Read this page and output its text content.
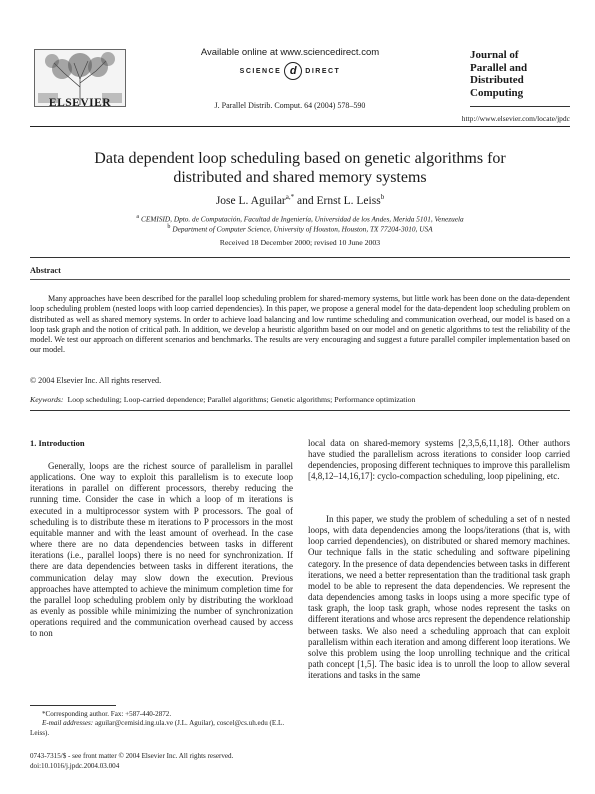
ELSEVIER
Available online at www.sciencedirect.com
SCIENCE d DIRECT
J. Parallel Distrib. Comput. 64 (2004) 578–590
Journal of
Parallel and
Distributed
Computing
http://www.elsevier.com/locate/jpdc
Data dependent loop scheduling based on genetic algorithms for
distributed and shared memory systems
Jose L. Aguilar$^{a,*}$ and Ernst L. Leiss$^b$
$^a$ CEMISID, Dpto. de Computación, Facultad de Ingeniería, Universidad de los Andes, Merida 5101, Venezuela
$^b$ Department of Computer Science, University of Houston, Houston, TX 77204-3010, USA
Received 18 December 2000; revised 10 June 2003
Abstract

Many approaches have been described for the parallel loop scheduling problem for shared-memory systems, but little work has been done on the data-dependent loop scheduling problem (nested loops with loop carried dependencies). In this paper, we propose a general model for the data-dependent loop scheduling problem on distributed as well as shared memory systems. In order to achieve load balancing and low runtime scheduling and communication overhead, our model is based on a loop task graph and the notion of critical path. In addition, we develop a heuristic algorithm based on our model and on genetic algorithms to test the reliability of the model. We test our approach on different scenarios and benchmarks. The results are very encouraging and suggest a future parallel compiler implementation based on our model.

© 2004 Elsevier Inc. All rights reserved.
Keywords: Loop scheduling; Loop-carried dependence; Parallel algorithms; Genetic algorithms; Performance optimization
1. Introduction

Generally, loops are the richest source of parallelism in parallel applications. One way to exploit this parallelism is to execute loop iterations in parallel on different processors, thereby reducing the running time. Consider the case in which a loop of m iterations is executed in a multiprocessor system with P processors. The goal of scheduling is to distribute these m iterations to P processors in the most equitable manner and with the least amount of overhead. In the case where there are no data dependencies between tasks in different iterations (i.e., parallel loops) there is no need for synchronization. If there are data dependencies between tasks in different iterations, the communication delay may slow down the execution. Previous approaches have attempted to achieve the minimum completion time for the parallel loop scheduling problem only by distributing the workload as evenly as possible while minimizing the number of synchronization operations required and the communication overhead caused by access to non

local data on shared-memory systems [2,3,5,6,11,18]. Other authors have studied the parallelism across iterations to consider loop carried dependencies, proposing different techniques to improve this parallelism [4,8,12–14,16,17]: cyclo-compaction scheduling, loop pipelining, etc.

In this paper, we study the problem of scheduling a set of n nested loops, with data dependencies among the loops/iterations (that is, with loop carried dependencies), on distributed or shared memory machines. Our technique falls in the static scheduling and software pipelining category. In the presence of data dependencies between tasks in different iterations, we need a better representation than the traditional task graph model to be able to represent the data dependencies. We represent the data dependencies among tasks in loops using a more specific type of task graph, the loop task graph, whose nodes represent the tasks on different iterations and whose arcs represent the dependence relationship between tasks. We also need a scheduling approach that can exploit parallelism within each iteration and among different loop iterations. We solve this problem using the loop unrolling technique and the critical path concept [1,5]. The basic idea is to unroll the loop to allow several iterations and tasks in the same

*Corresponding author. Fax: +587-440-2872.
E-mail addresses: aguilar@cemisid.ing.ula.ve (J.L. Aguilar), coscel@cs.uh.edu (E.L. Leiss).
0743-7315/$ - see front matter © 2004 Elsevier Inc. All rights reserved.
doi:10.1016/j.jpdc.2004.03.004
